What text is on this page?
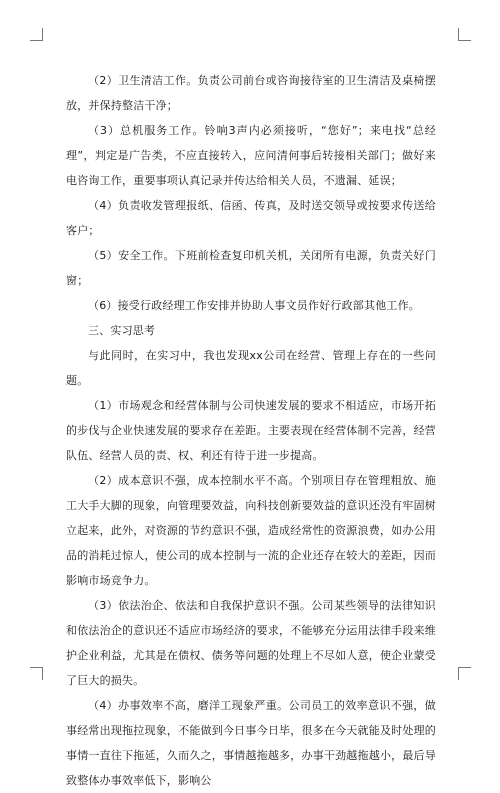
（2）卫生清洁工作。负责公司前台或咨询接待室的卫生清洁及桌椅摆放，并保持整洁干净；

（3）总机服务工作。铃响3声内必须接听，“您好”；来电找“总经理”，判定是广告类，不应直接转入，应问清何事后转接相关部门；做好来电咨询工作，重要事项认真记录并传达给相关人员，不遗漏、延误；

（4）负责收发管理报纸、信函、传真，及时送交领导或按要求传送给客户；

（5）安全工作。下班前检查复印机关机，关闭所有电源，负责关好门窗；

（6）接受行政经理工作安排并协助人事文员作好行政部其他工作。

三、实习思考

与此同时，在实习中，我也发现xx公司在经营、管理上存在的一些问题。

（1）市场观念和经营体制与公司快速发展的要求不相适应，市场开拓的步伐与企业快速发展的要求存在差距。主要表现在经营体制不完善，经营队伍、经营人员的责、权、利还有待于进一步提高。

（2）成本意识不强，成本控制水平不高。个别项目存在管理粗放、施工大手大脚的现象，向管理要效益，向科技创新要效益的意识还没有牢固树立起来，此外，对资源的节约意识不强，造成经常性的资源浪费，如办公用品的消耗过惊人，使公司的成本控制与一流的企业还存在较大的差距，因而影响市场竞争力。

（3）依法治企、依法和自我保护意识不强。公司某些领导的法律知识和依法治企的意识还不适应市场经济的要求，不能够充分运用法律手段来维护企业利益，尤其是在债权、债务等问题的处理上不尽如人意，使企业蒙受了巨大的损失。

（4）办事效率不高，磨洋工现象严重。公司员工的效率意识不强，做事经常出现拖拉现象，不能做到今日事今日毕，很多在今天就能及时处理的事情一直往下拖延，久而久之，事情越拖越多，办事干劲越拖越小，最后导致整体办事效率低下，影响公
